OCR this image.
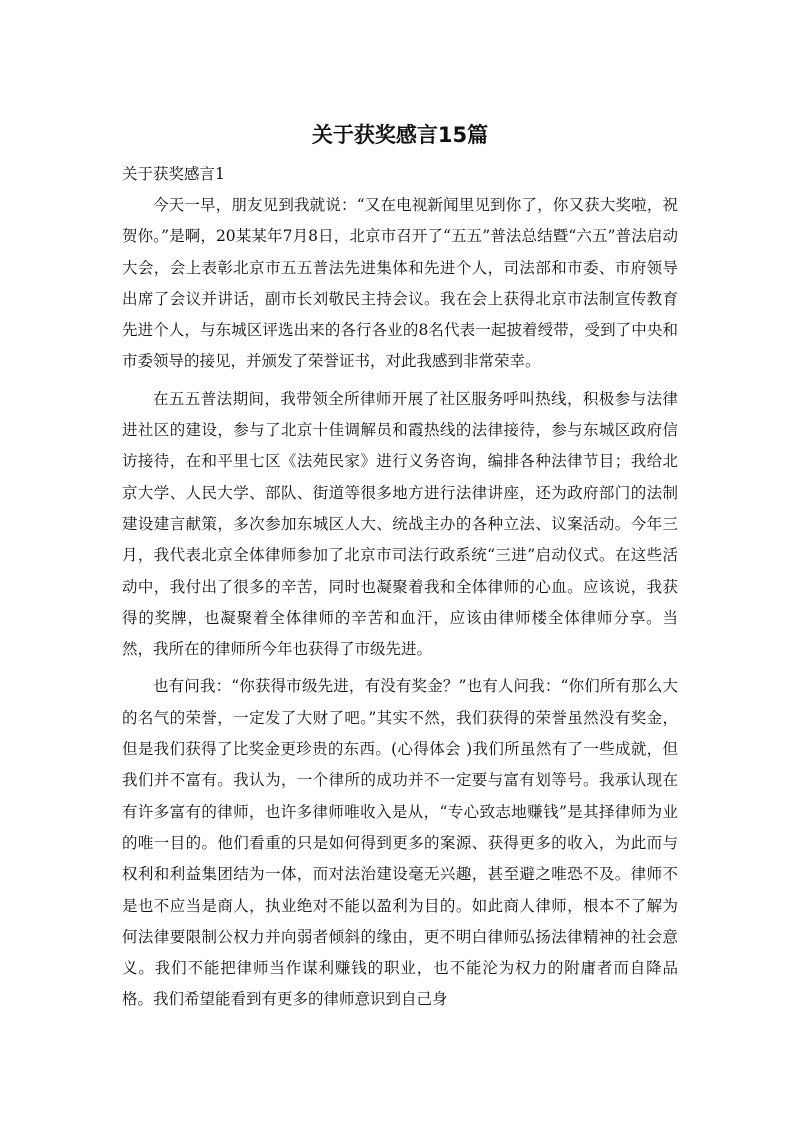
关于获奖感言15篇

关于获奖感言1

今天一早，朋友见到我就说：“又在电视新闻里见到你了，你又获大奖啦，祝贺你。”是啊，20某某年7月8日，北京市召开了“五五”普法总结暨“六五”普法启动大会，会上表彰北京市五五普法先进集体和先进个人，司法部和市委、市府领导出席了会议并讲话，副市长刘敬民主持会议。我在会上获得北京市法制宣传教育先进个人，与东城区评选出来的各行各业的8名代表一起披着绶带，受到了中央和市委领导的接见，并颁发了荣誉证书，对此我感到非常荣幸。

在五五普法期间，我带领全所律师开展了社区服务呼叫热线，积极参与法律进社区的建设，参与了北京十佳调解员和霞热线的法律接待，参与东城区政府信访接待，在和平里七区《法苑民家》进行义务咨询，编排各种法律节目；我给北京大学、人民大学、部队、街道等很多地方进行法律讲座，还为政府部门的法制建设建言献策，多次参加东城区人大、统战主办的各种立法、议案活动。今年三月，我代表北京全体律师参加了北京市司法行政系统“三进”启动仪式。在这些活动中，我付出了很多的辛苦，同时也凝聚着我和全体律师的心血。应该说，我获得的奖牌，也凝聚着全体律师的辛苦和血汗，应该由律师楼全体律师分享。当然，我所在的律师所今年也获得了市级先进。

也有问我：“你获得市级先进，有没有奖金？”也有人问我：“你们所有那么大的名气的荣誉，一定发了大财了吧。”其实不然，我们获得的荣誉虽然没有奖金，但是我们获得了比奖金更珍贵的东西。(心得体会 )我们所虽然有了一些成就，但我们并不富有。我认为，一个律所的成功并不一定要与富有划等号。我承认现在有许多富有的律师，也许多律师唯收入是从，“专心致志地赚钱”是其择律师为业的唯一目的。他们看重的只是如何得到更多的案源、获得更多的收入，为此而与权利和利益集团结为一体，而对法治建设毫无兴趣，甚至避之唯恐不及。律师不是也不应当是商人，执业绝对不能以盈利为目的。如此商人律师，根本不了解为何法律要限制公权力并向弱者倾斜的缘由，更不明白律师弘扬法律精神的社会意义。我们不能把律师当作谋利赚钱的职业，也不能沦为权力的附庸者而自降品格。我们希望能看到有更多的律师意识到自己身
